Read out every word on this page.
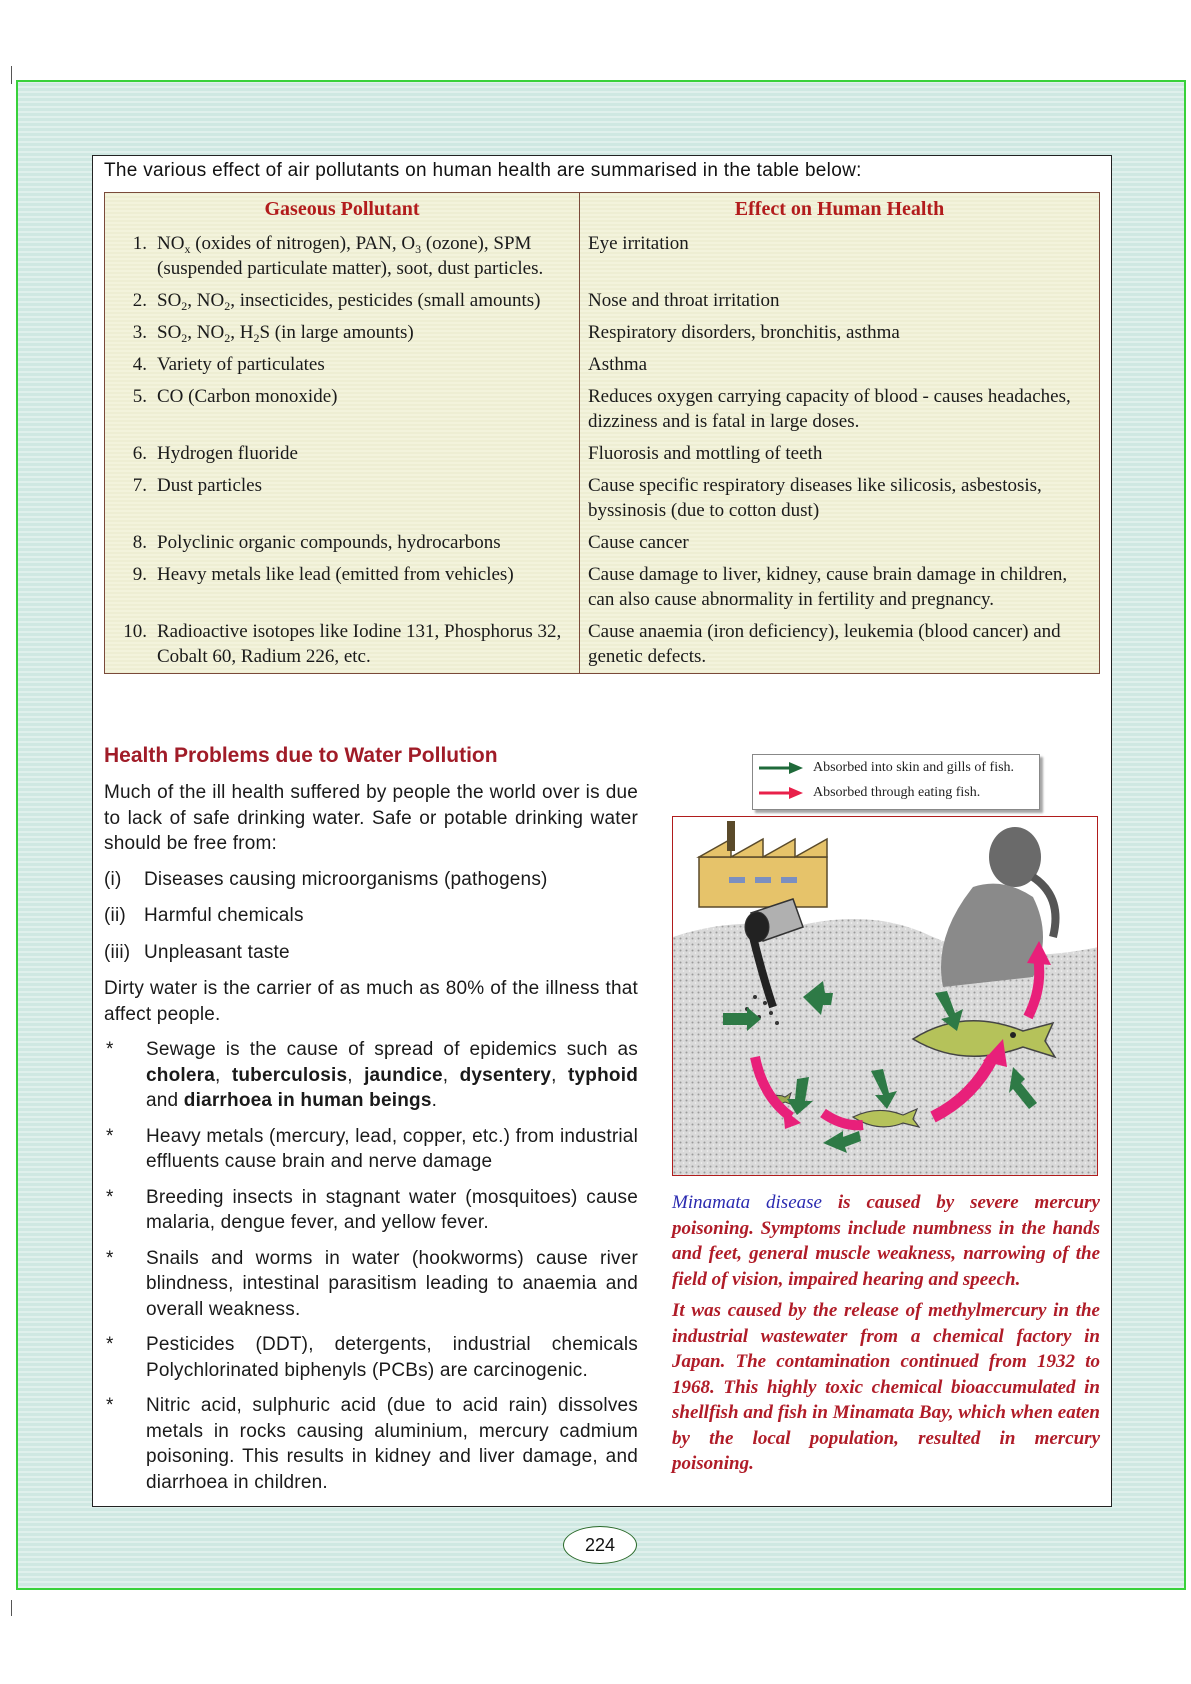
The various effect of air pollutants on human health are summarised in the table below:
Gaseous Pollutant	Effect on Human Health

1. $NO_x$ (oxides of nitrogen), PAN, $O_3$ (ozone), SPM (suspended particulate matter), soot, dust particles.	Eye irritation

2. $SO_2$, $NO_2$, insecticides, pesticides (small amounts)	Nose and throat irritation

3. $SO_2$, $NO_2$, $H_2S$ (in large amounts)	Respiratory disorders, bronchitis, asthma

4. Variety of particulates	Asthma

5. CO (Carbon monoxide)	Reduces oxygen carrying capacity of blood - causes headaches, dizziness and is fatal in large doses.

6. Hydrogen fluoride	Fluorosis and mottling of teeth

7. Dust particles	Cause specific respiratory diseases like silicosis, asbestosis, byssinosis (due to cotton dust)

8. Polyclinic organic compounds, hydrocarbons	Cause cancer

9. Heavy metals like lead (emitted from vehicles)	Cause damage to liver, kidney, cause brain damage in children, can also cause abnormality in fertility and pregnancy.

10. Radioactive isotopes like Iodine 131, Phosphorus 32, Cobalt 60, Radium 226, etc.	Cause anaemia (iron deficiency), leukemia (blood cancer) and genetic defects.
Health Problems due to Water Pollution

Much of the ill health suffered by people the world over is due to lack of safe drinking water. Safe or potable drinking water should be free from:

(i)	Diseases causing microorganisms (pathogens)
(ii) Harmful chemicals
(iii) Unpleasant taste

Dirty water is the carrier of as much as 80% of the illness that affect people.

*	Sewage is the cause of spread of epidemics such as cholera, tuberculosis, jaundice, dysentery, typhoid and diarrhoea in human beings.
*	Heavy metals (mercury, lead, copper, etc.) from industrial effluents cause brain and nerve damage
*	Breeding insects in stagnant water (mosquitoes) cause malaria, dengue fever, and yellow fever.
*	Snails and worms in water (hookworms) cause river blindness, intestinal parasitism leading to anaemia and overall weakness.
*	Pesticides (DDT), detergents, industrial chemicals Polychlorinated biphenyls (PCBs) are carcinogenic.
*	Nitric acid, sulphuric acid (due to acid rain) dissolves metals in rocks causing aluminium, mercury cadmium poisoning. This results in kidney and liver damage, and diarrhoea in children.
Absorbed into skin and gills of fish.
Absorbed through eating fish.

Minamata disease is caused by severe mercury poisoning. Symptoms include numbness in the hands and feet, general muscle weakness, narrowing of the field of vision, impaired hearing and speech.

It was caused by the release of methylmercury in the industrial wastewater from a chemical factory in Japan. The contamination continued from 1932 to 1968. This highly toxic chemical bioaccumulated in shellfish and fish in Minamata Bay, which when eaten by the local population, resulted in mercury poisoning.

224
